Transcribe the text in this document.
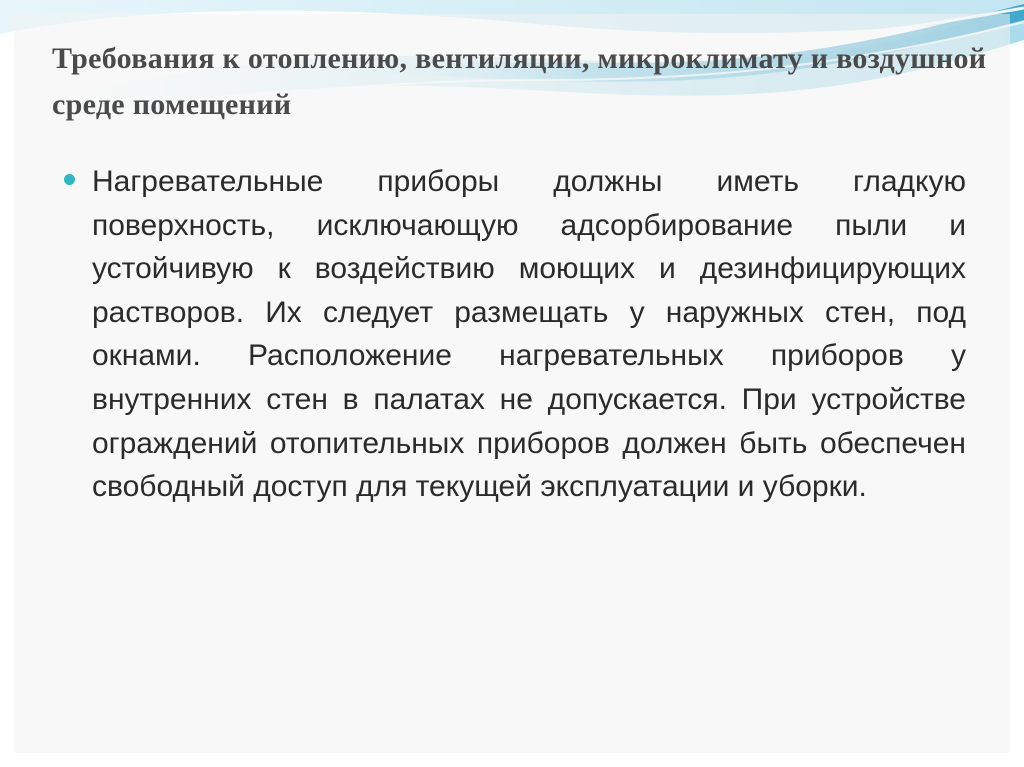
Требования к отоплению, вентиляции, микроклимату и воздушной среде помещений

Нагревательные приборы должны иметь гладкую поверхность, исключающую адсорбирование пыли и устойчивую к воздействию моющих и дезинфицирующих растворов. Их следует размещать у наружных стен, под окнами. Расположение нагревательных приборов у внутренних стен в палатах не допускается. При устройстве ограждений отопительных приборов должен быть обеспечен свободный доступ для текущей эксплуатации и уборки.
